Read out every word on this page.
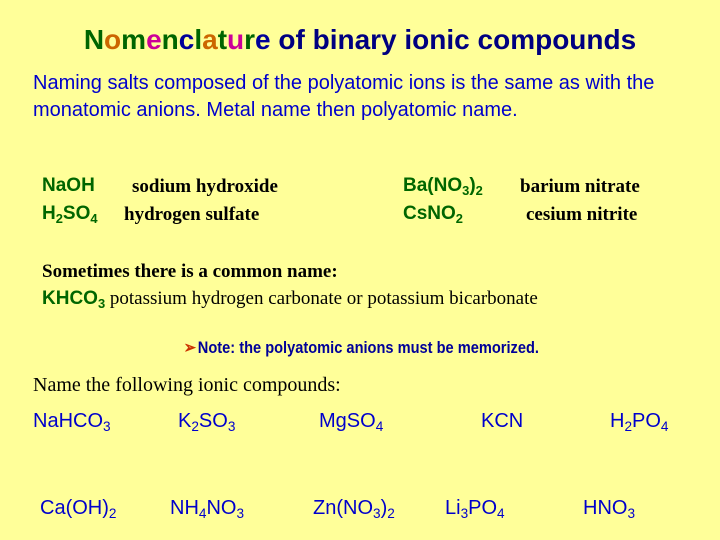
Nomenclature of binary ionic compounds
Naming salts composed of the polyatomic ions is the same as with the monatomic anions. Metal name then polyatomic name.
NaOH sodium hydroxide	$Ba(NO_3)_2$ barium nitrate
$H_2SO_4$ hydrogen sulfate	CsNO$_2$	cesium nitrite
Sometimes there is a common name:
$KHCO_3$ potassium hydrogen carbonate or potassium bicarbonate
➢ Note: the polyatomic anions must be memorized.
Name the following ionic compounds:
NaHCO$_3$	$K_2SO_3$	MgSO$_4$	KCN	$H_2PO_4$
$Ca(OH)_2$	$NH_4NO_3$	$Zn(NO_3)_2$	$Li_3PO_4$	$HNO_3$
